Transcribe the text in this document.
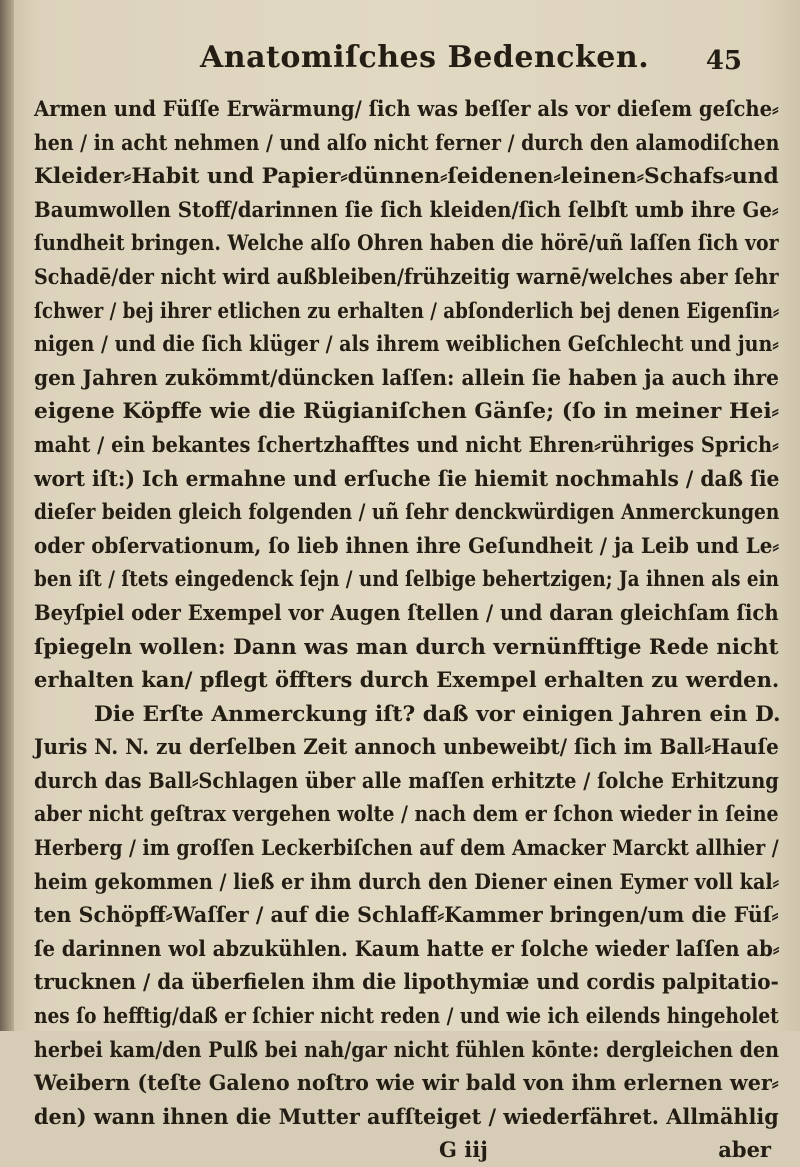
Anatomiſches Bedencken. 45
Armen und Füſſe Erwärmung/ ſich was beſſer als vor dieſem geſche⸗
hen / in acht nehmen / und alſo nicht ferner / durch den alamodiſchen
Kleider⸗Habit und Papier⸗dünnen⸗ſeidenen⸗leinen⸗Schafs⸗und
Baumwollen Stoff/darinnen ſie ſich kleiden/ſich ſelbſt umb ihre Ge⸗
ſundheit bringen. Welche alſo Ohren haben die hörē/uñ laſſen ſich vor
Schadē/der nicht wird außbleiben/frühzeitig warnē/welches aber ſehr
ſchwer / bej ihrer etlichen zu erhalten / abſonderlich bej denen Eigenſin⸗
nigen / und die ſich klüger / als ihrem weiblichen Geſchlecht und jun⸗
gen Jahren zukömmt/düncken laſſen: allein ſie haben ja auch ihre
eigene Köpffe wie die Rügianiſchen Gänſe; (ſo in meiner Hei⸗
maht / ein bekantes ſchertzhafftes und nicht Ehren⸗rühriges Sprich⸗
wort iſt:) Ich ermahne und erſuche ſie hiemit nochmahls / daß ſie
dieſer beiden gleich folgenden / uñ ſehr denckwürdigen Anmerckungen
oder obſervationum, ſo lieb ihnen ihre Geſundheit / ja Leib und Le⸗
ben iſt / ſtets eingedenck ſejn / und ſelbige behertzigen; Ja ihnen als ein
Beyſpiel oder Exempel vor Augen ſtellen / und daran gleichſam ſich
ſpiegeln wollen: Dann was man durch vernünfftige Rede nicht
erhalten kan/ pflegt öffters durch Exempel erhalten zu werden.
Die Erſte Anmerckung iſt? daß vor einigen Jahren ein D.
Juris N. N. zu derſelben Zeit annoch unbeweibt/ ſich im Ball⸗Hauſe
durch das Ball⸗Schlagen über alle maſſen erhitzte / ſolche Erhitzung
aber nicht geſtrax vergehen wolte / nach dem er ſchon wieder in ſeine
Herberg / im groſſen Leckerbiſchen auf dem Amacker Marckt allhier /
heim gekommen / ließ er ihm durch den Diener einen Eymer voll kal⸗
ten Schöpff⸗Waſſer / auf die Schlaff⸗Kammer bringen/um die Füſ⸗
ſe darinnen wol abzukühlen. Kaum hatte er ſolche wieder laſſen ab⸗
trucknen / da überfielen ihm die lipothymiæ und cordis palpitatio-
nes ſo hefftig/daß er ſchier nicht reden / und wie ich eilends hingeholet
herbei kam/den Pulß bei nah/gar nicht fühlen kōnte: dergleichen den
Weibern (teſte Galeno noſtro wie wir bald von ihm erlernen wer⸗
den) wann ihnen die Mutter aufſteiget / wiederfähret. Allmählig
G iij	aber
